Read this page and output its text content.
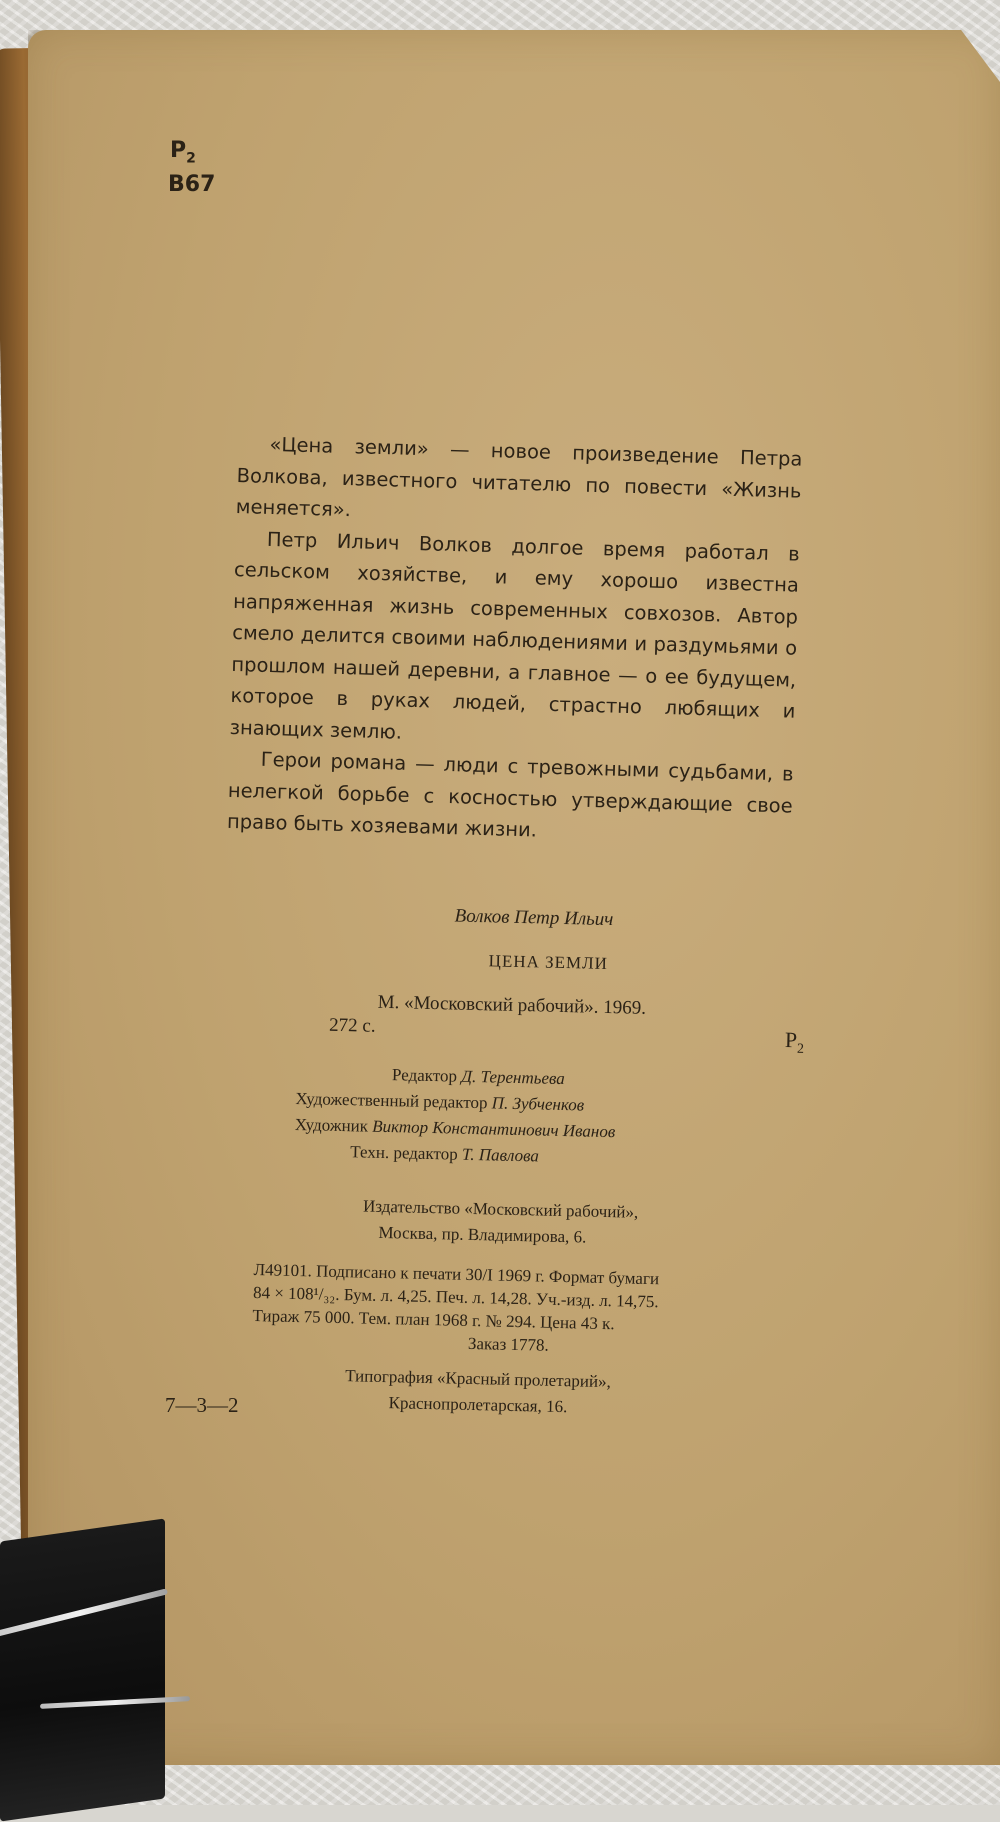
$Р_2$
В67

«Цена земли» — новое произведение Петра Волкова, известного читателю по повести «Жизнь меняется».

Петр Ильич Волков долгое время работал в сельском хозяйстве, и ему хорошо известна напряженная жизнь современных совхозов. Автор смело делится своими наблюдениями и раздумьями о прошлом нашей деревни, а главное — о ее будущем, которое в руках людей, страстно любящих и знающих землю.

Герои романа — люди с тревожными судьбами, в нелегкой борьбе с косностью утверждающие свое право быть хозяевами жизни.

Волков Петр Ильич
ЦЕНА ЗЕМЛИ
М. «Московский рабочий». 1969.
272 с.
$Р_2$
Редактор Д. Терентьева
Художественный редактор П. Зубченков
Художник Виктор Константинович Иванов
Техн. редактор Т. Павлова
Издательство «Московский рабочий»,
Москва, пр. Владимирова, 6.
Л49101. Подписано к печати 30/I 1969 г. Формат бумаги
84 × 108¹/₃₂. Бум. л. 4,25. Печ. л. 14,28. Уч.-изд. л. 14,75.
Тираж 75 000. Тем. план 1968 г. № 294. Цена 43 к.
Заказ 1778.
Типография «Красный пролетарий»,
Краснопролетарская, 16.
7—3—2
